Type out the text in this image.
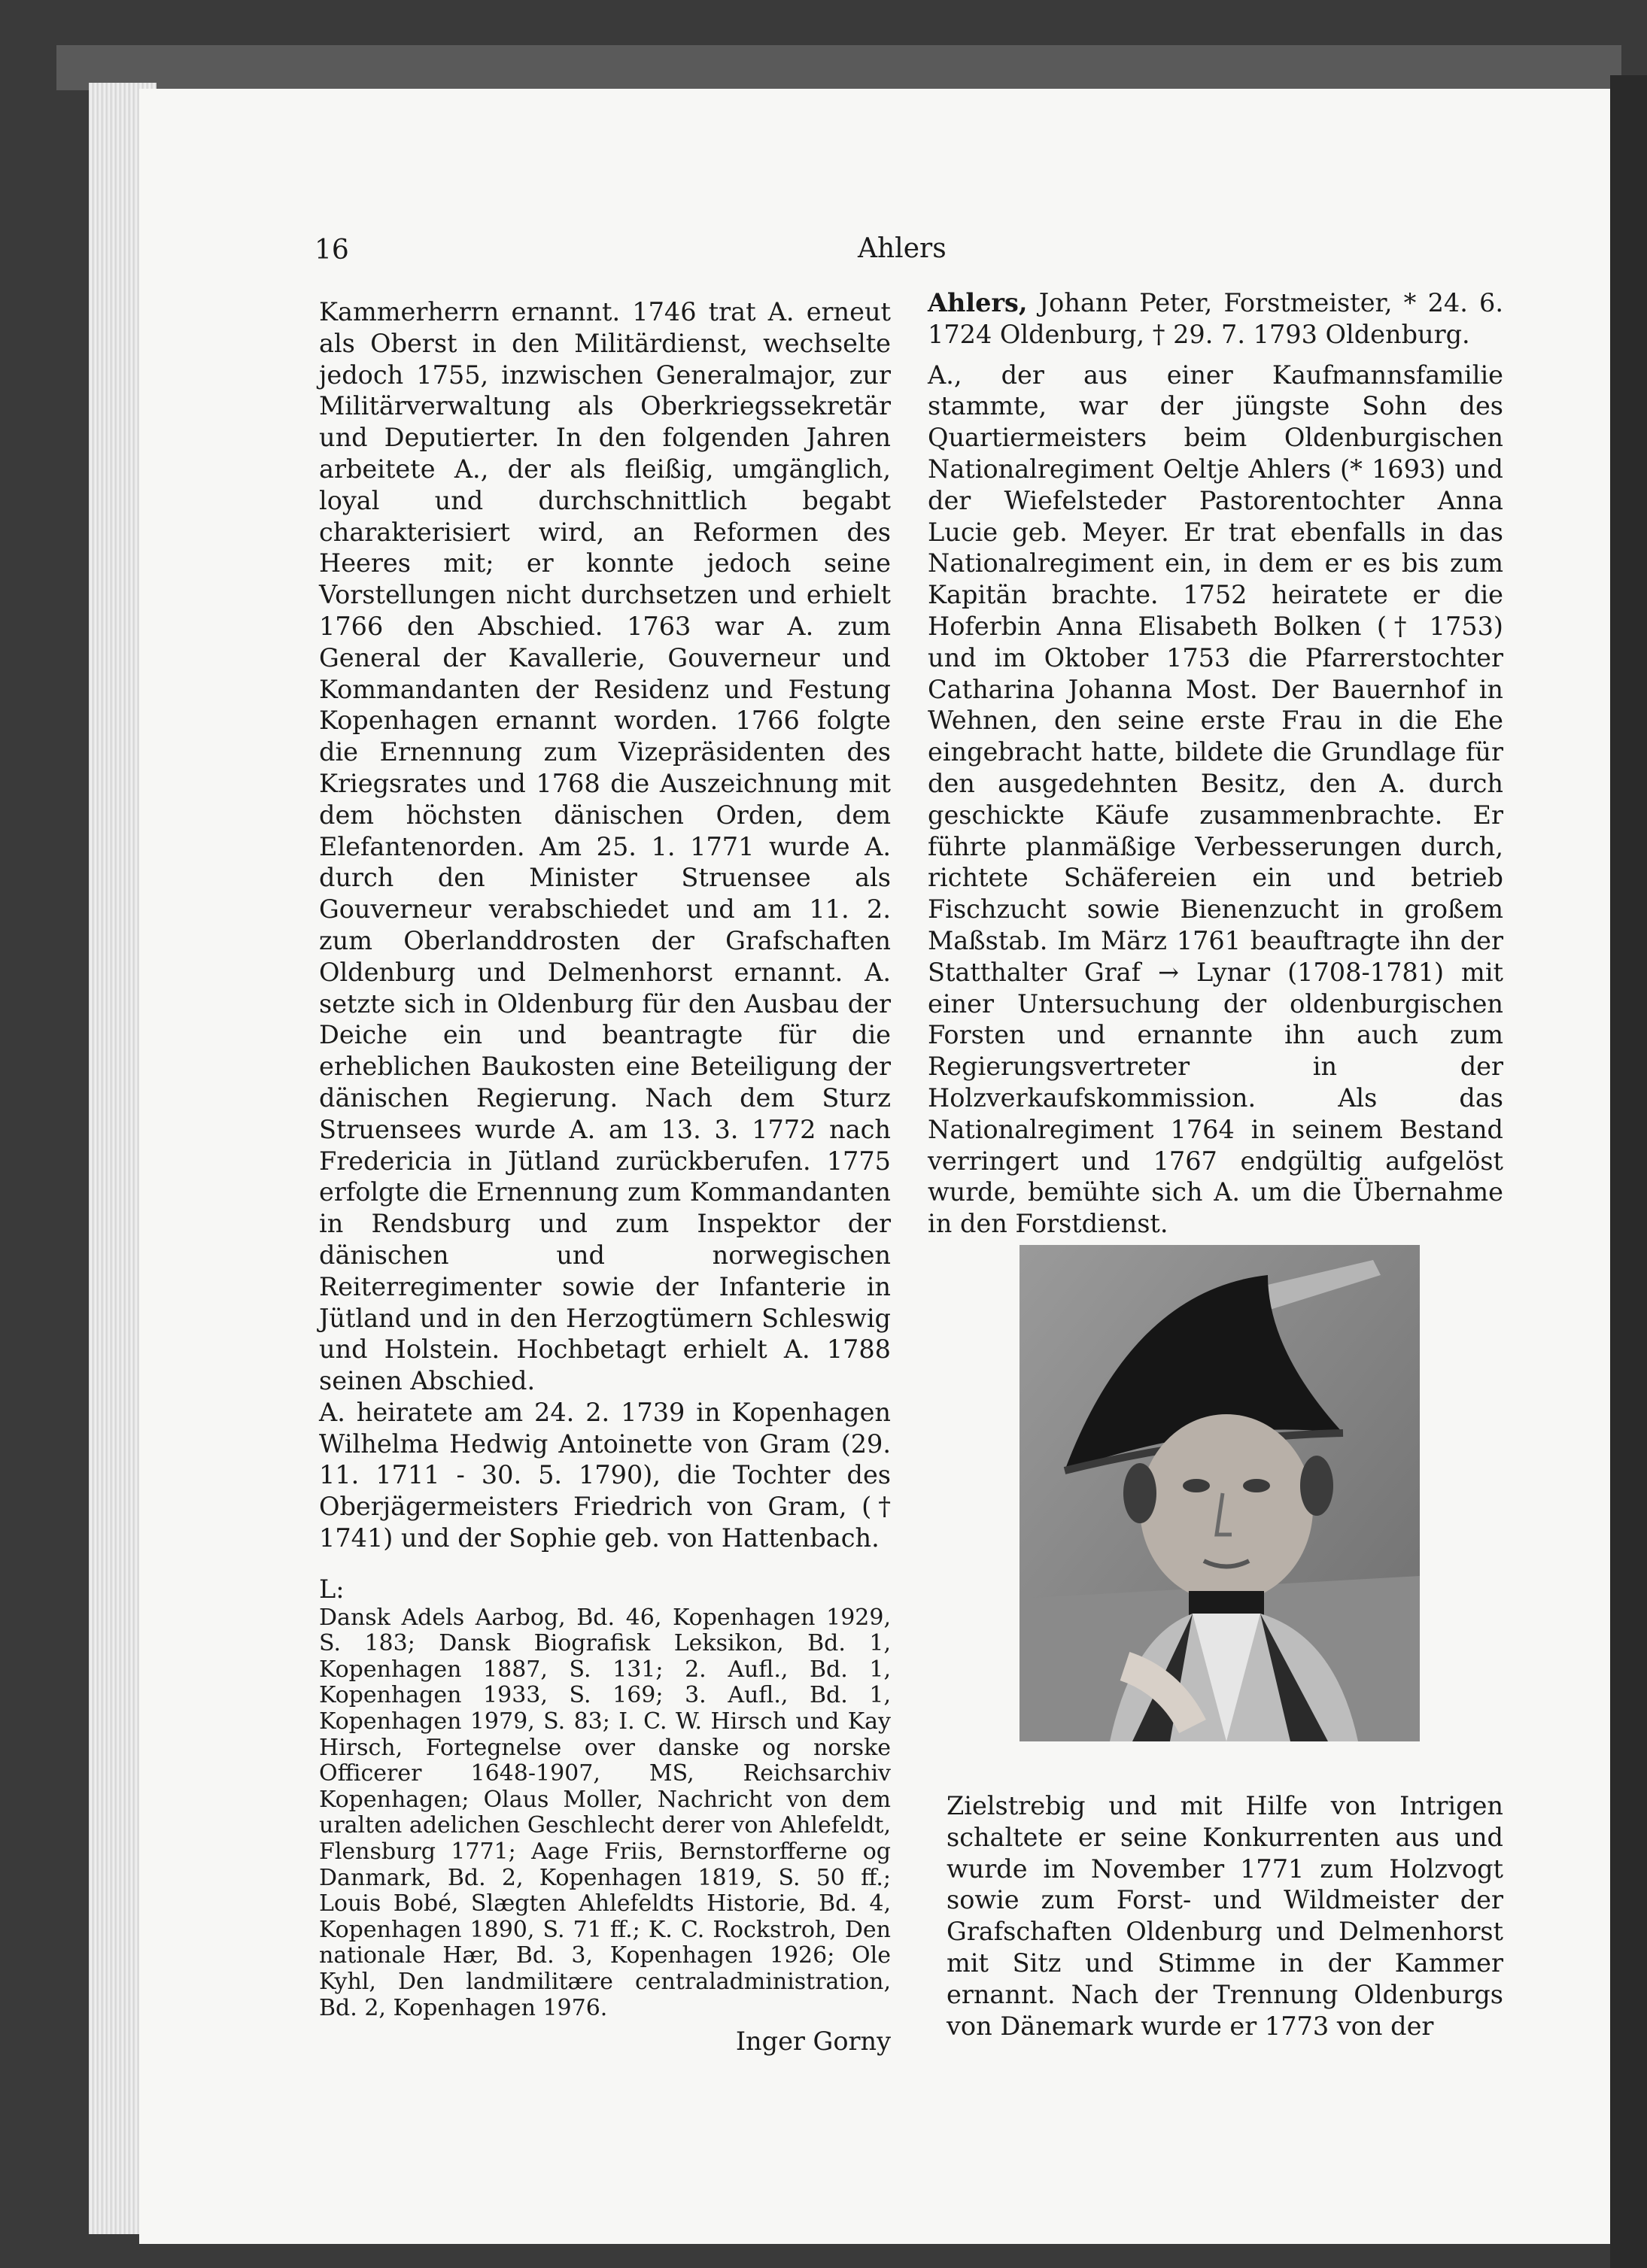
16	Ahlers

Kammerherrn ernannt. 1746 trat A. erneut als Oberst in den Militärdienst, wechselte jedoch 1755, inzwischen Generalmajor, zur Militärverwaltung als Oberkriegssekretär und Deputierter. In den folgenden Jahren arbeitete A., der als fleißig, umgänglich, loyal und durchschnittlich begabt charakterisiert wird, an Reformen des Heeres mit; er konnte jedoch seine Vorstellungen nicht durchsetzen und erhielt 1766 den Abschied. 1763 war A. zum General der Kavallerie, Gouverneur und Kommandanten der Residenz und Festung Kopenhagen ernannt worden. 1766 folgte die Ernennung zum Vizepräsidenten des Kriegsrates und 1768 die Auszeichnung mit dem höchsten dänischen Orden, dem Elefantenorden. Am 25. 1. 1771 wurde A. durch den Minister Struensee als Gouverneur verabschiedet und am 11. 2. zum Oberlanddrosten der Grafschaften Oldenburg und Delmenhorst ernannt. A. setzte sich in Oldenburg für den Ausbau der Deiche ein und beantragte für die erheblichen Baukosten eine Beteiligung der dänischen Regierung. Nach dem Sturz Struensees wurde A. am 13. 3. 1772 nach Fredericia in Jütland zurückberufen. 1775 erfolgte die Ernennung zum Kommandanten in Rendsburg und zum Inspektor der dänischen und norwegischen Reiterregimenter sowie der Infanterie in Jütland und in den Herzogtümern Schleswig und Holstein. Hochbetagt erhielt A. 1788 seinen Abschied.

A. heiratete am 24. 2. 1739 in Kopenhagen Wilhelma Hedwig Antoinette von Gram (29. 11. 1711 - 30. 5. 1790), die Tochter des Oberjägermeisters Friedrich von Gram, († 1741) und der Sophie geb. von Hattenbach.

L:

Dansk Adels Aarbog, Bd. 46, Kopenhagen 1929, S. 183; Dansk Biografisk Leksikon, Bd. 1, Kopenhagen 1887, S. 131; 2. Aufl., Bd. 1, Kopenhagen 1933, S. 169; 3. Aufl., Bd. 1, Kopenhagen 1979, S. 83; I. C. W. Hirsch und Kay Hirsch, Fortegnelse over danske og norske Officerer 1648-1907, MS, Reichsarchiv Kopenhagen; Olaus Moller, Nachricht von dem uralten adelichen Geschlecht derer von Ahlefeldt, Flensburg 1771; Aage Friis, Bernstorfferne og Danmark, Bd. 2, Kopenhagen 1819, S. 50 ff.; Louis Bobé, Slægten Ahlefeldts Historie, Bd. 4, Kopenhagen 1890, S. 71 ff.; K. C. Rockstroh, Den nationale Hær, Bd. 3, Kopenhagen 1926; Ole Kyhl, Den landmilitære centraladministration, Bd. 2, Kopenhagen 1976.

Inger Gorny

Ahlers, Johann Peter, Forstmeister, * 24. 6. 1724 Oldenburg, † 29. 7. 1793 Oldenburg.

A., der aus einer Kaufmannsfamilie stammte, war der jüngste Sohn des Quartiermeisters beim Oldenburgischen Nationalregiment Oeltje Ahlers (* 1693) und der Wiefelsteder Pastorentochter Anna Lucie geb. Meyer. Er trat ebenfalls in das Nationalregiment ein, in dem er es bis zum Kapitän brachte. 1752 heiratete er die Hoferbin Anna Elisabeth Bolken († 1753) und im Oktober 1753 die Pfarrerstochter Catharina Johanna Most. Der Bauernhof in Wehnen, den seine erste Frau in die Ehe eingebracht hatte, bildete die Grundlage für den ausgedehnten Besitz, den A. durch geschickte Käufe zusammenbrachte. Er führte planmäßige Verbesserungen durch, richtete Schäfereien ein und betrieb Fischzucht sowie Bienenzucht in großem Maßstab. Im März 1761 beauftragte ihn der Statthalter Graf → Lynar (1708-1781) mit einer Untersuchung der oldenburgischen Forsten und ernannte ihn auch zum Regierungsvertreter in der Holzverkaufskommission. Als das Nationalregiment 1764 in seinem Bestand verringert und 1767 endgültig aufgelöst wurde, bemühte sich A. um die Übernahme in den Forstdienst.

Zielstrebig und mit Hilfe von Intrigen schaltete er seine Konkurrenten aus und wurde im November 1771 zum Holzvogt sowie zum Forst- und Wildmeister der Grafschaften Oldenburg und Delmenhorst mit Sitz und Stimme in der Kammer ernannt. Nach der Trennung Oldenburgs von Dänemark wurde er 1773 von der
